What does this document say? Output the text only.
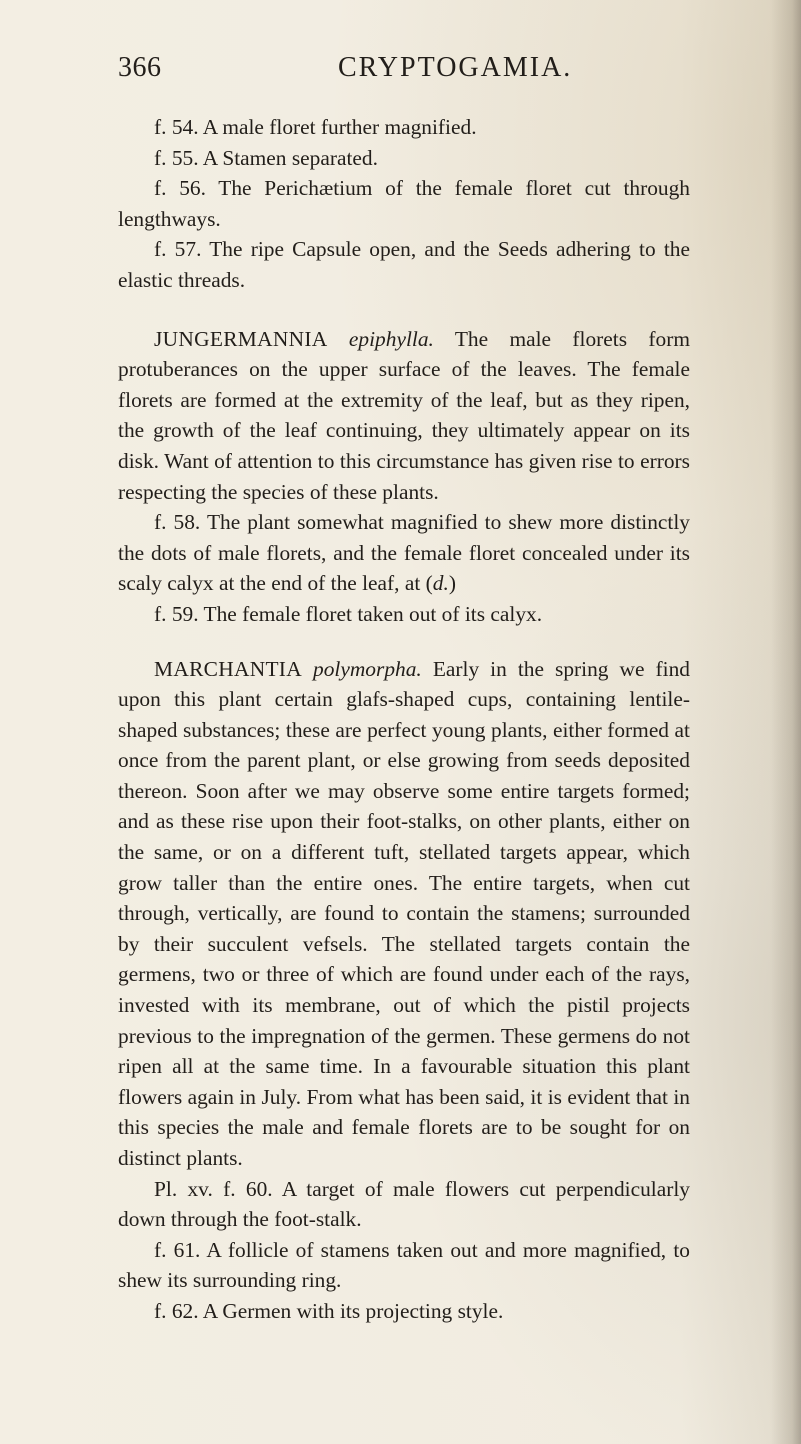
366	CRYPTOGAMIA.

f. 54. A male floret further magnified.

f. 55. A Stamen separated.

f. 56. The Perichætium of the female floret cut through lengthways.

f. 57. The ripe Capsule open, and the Seeds adhering to the elastic threads.

JUNGERMANNIA epiphylla. The male florets form protuberances on the upper surface of the leaves. The female florets are formed at the extremity of the leaf, but as they ripen, the growth of the leaf continuing, they ultimately appear on its disk. Want of attention to this circumstance has given rise to errors respecting the species of these plants.

f. 58. The plant somewhat magnified to shew more distinctly the dots of male florets, and the female floret concealed under its scaly calyx at the end of the leaf, at (d.)

f. 59. The female floret taken out of its calyx.

MARCHANTIA polymorpha. Early in the spring we find upon this plant certain glafs-shaped cups, containing lentile-shaped substances; these are perfect young plants, either formed at once from the parent plant, or else growing from seeds deposited thereon. Soon after we may observe some entire targets formed; and as these rise upon their foot-stalks, on other plants, either on the same, or on a different tuft, stellated targets appear, which grow taller than the entire ones. The entire targets, when cut through, vertically, are found to contain the stamens; surrounded by their succulent vefsels. The stellated targets contain the germens, two or three of which are found under each of the rays, invested with its membrane, out of which the pistil projects previous to the impregnation of the germen. These germens do not ripen all at the same time. In a favourable situation this plant flowers again in July. From what has been said, it is evident that in this species the male and female florets are to be sought for on distinct plants.

Pl. xv. f. 60. A target of male flowers cut perpendicularly down through the foot-stalk.

f. 61. A follicle of stamens taken out and more magnified, to shew its surrounding ring.

f. 62. A Germen with its projecting style.
